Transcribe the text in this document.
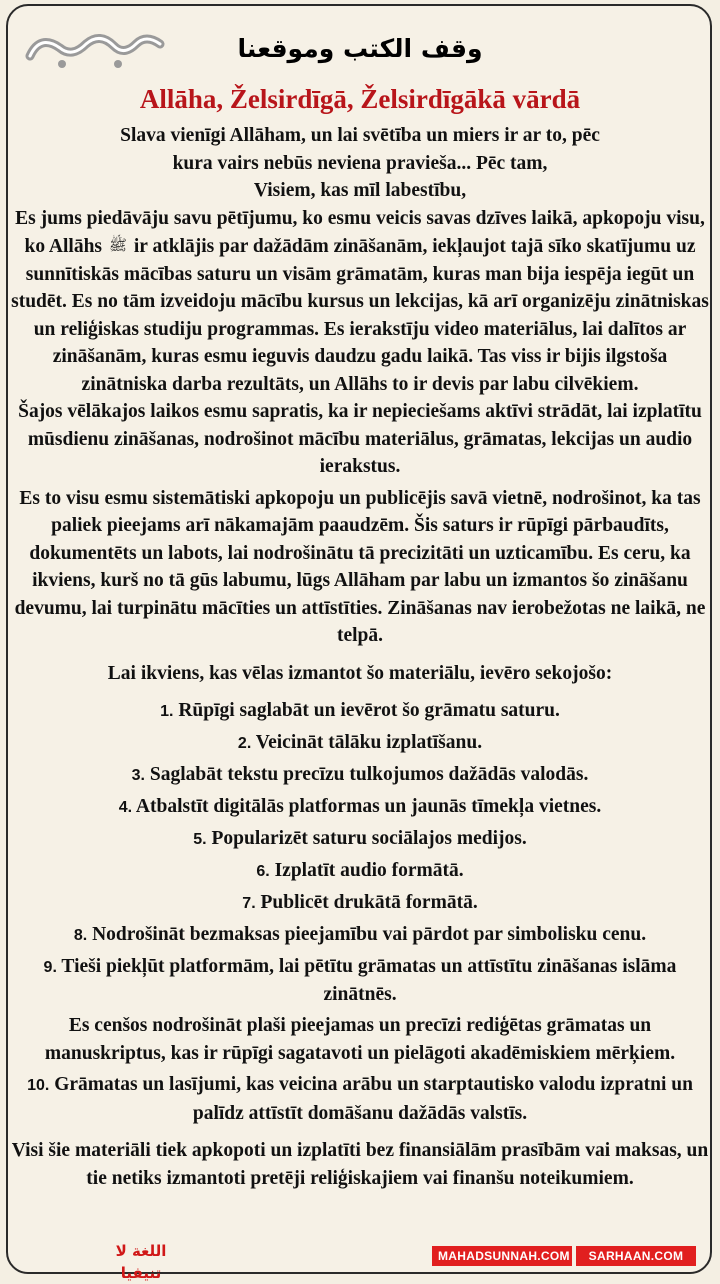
وقف الكتب وموقعنا
Allāha, Želsirdīgā, Želsirdīgākā vārdā
Slava vienīgi Allāham, un lai svētība un miers ir ar to, pēc
kura vairs nebūs neviena pravieša... Pēc tam,
Visiem, kas mīl labestību,

Es jums piedāvāju savu pētījumu, ko esmu veicis savas dzīves laikā, apkopoju visu, ko Allāhs ﷺ ir atklājis par dažādām zināšanām, iekļaujot tajā sīko skatījumu uz sunnītiskās mācības saturu un visām grāmatām, kuras man bija iespēja iegūt un studēt. Es no tām izveidoju mācību kursus un lekcijas, kā arī organizēju zinātniskas un reliģiskas studiju programmas. Es ierakstīju video materiālus, lai dalītos ar zināšanām, kuras esmu ieguvis daudzu gadu laikā. Tas viss ir bijis ilgstoša zinātniska darba rezultāts, un Allāhs to ir devis par labu cilvēkiem.

Šajos vēlākajos laikos esmu sapratis, ka ir nepieciešams aktīvi strādāt, lai izplatītu mūsdienu zināšanas, nodrošinot mācību materiālus, grāmatas, lekcijas un audio ierakstus.

Es to visu esmu sistemātiski apkopoju un publicējis savā vietnē, nodrošinot, ka tas paliek pieejams arī nākamajām paaudzēm. Šis saturs ir rūpīgi pārbaudīts, dokumentēts un labots, lai nodrošinātu tā precizitāti un uzticamību. Es ceru, ka ikviens, kurš no tā gūs labumu, lūgs Allāham par labu un izmantos šo zināšanu devumu, lai turpinātu mācīties un attīstīties. Zināšanas nav ierobežotas ne laikā, ne telpā.

Lai ikviens, kas vēlas izmantot šo materiālu, ievēro sekojošo:

1. Rūpīgi saglabāt un ievērot šo grāmatu saturu.

2. Veicināt tālāku izplatīšanu.

3. Saglabāt tekstu precīzu tulkojumos dažādās valodās.

4. Atbalstīt digitālās platformas un jaunās tīmekļa vietnes.

5. Popularizēt saturu sociālajos medijos.

6. Izplatīt audio formātā.

7. Publicēt drukātā formātā.

8. Nodrošināt bezmaksas pieejamību vai pārdot par simbolisku cenu.

9. Tieši piekļūt platformām, lai pētītu grāmatas un attīstītu zināšanas islāma zinātnēs.

Es cenšos nodrošināt plaši pieejamas un precīzi rediģētas grāmatas un manuskriptus, kas ir rūpīgi sagatavoti un pielāgoti akadēmiskiem mērķiem.

10. Grāmatas un lasījumi, kas veicina arābu un starptautisko valodu izpratni un palīdz attīstīt domāšanu dažādās valstīs.

Visi šie materiāli tiek apkopoti un izplatīti bez finansiālām prasībām vai maksas, un tie netiks izmantoti pretēji reliģiskajiem vai finanšu noteikumiem.

اللغة لا تنيفيا
MAHADSUNNAH.COM	SARHAAN.COM
